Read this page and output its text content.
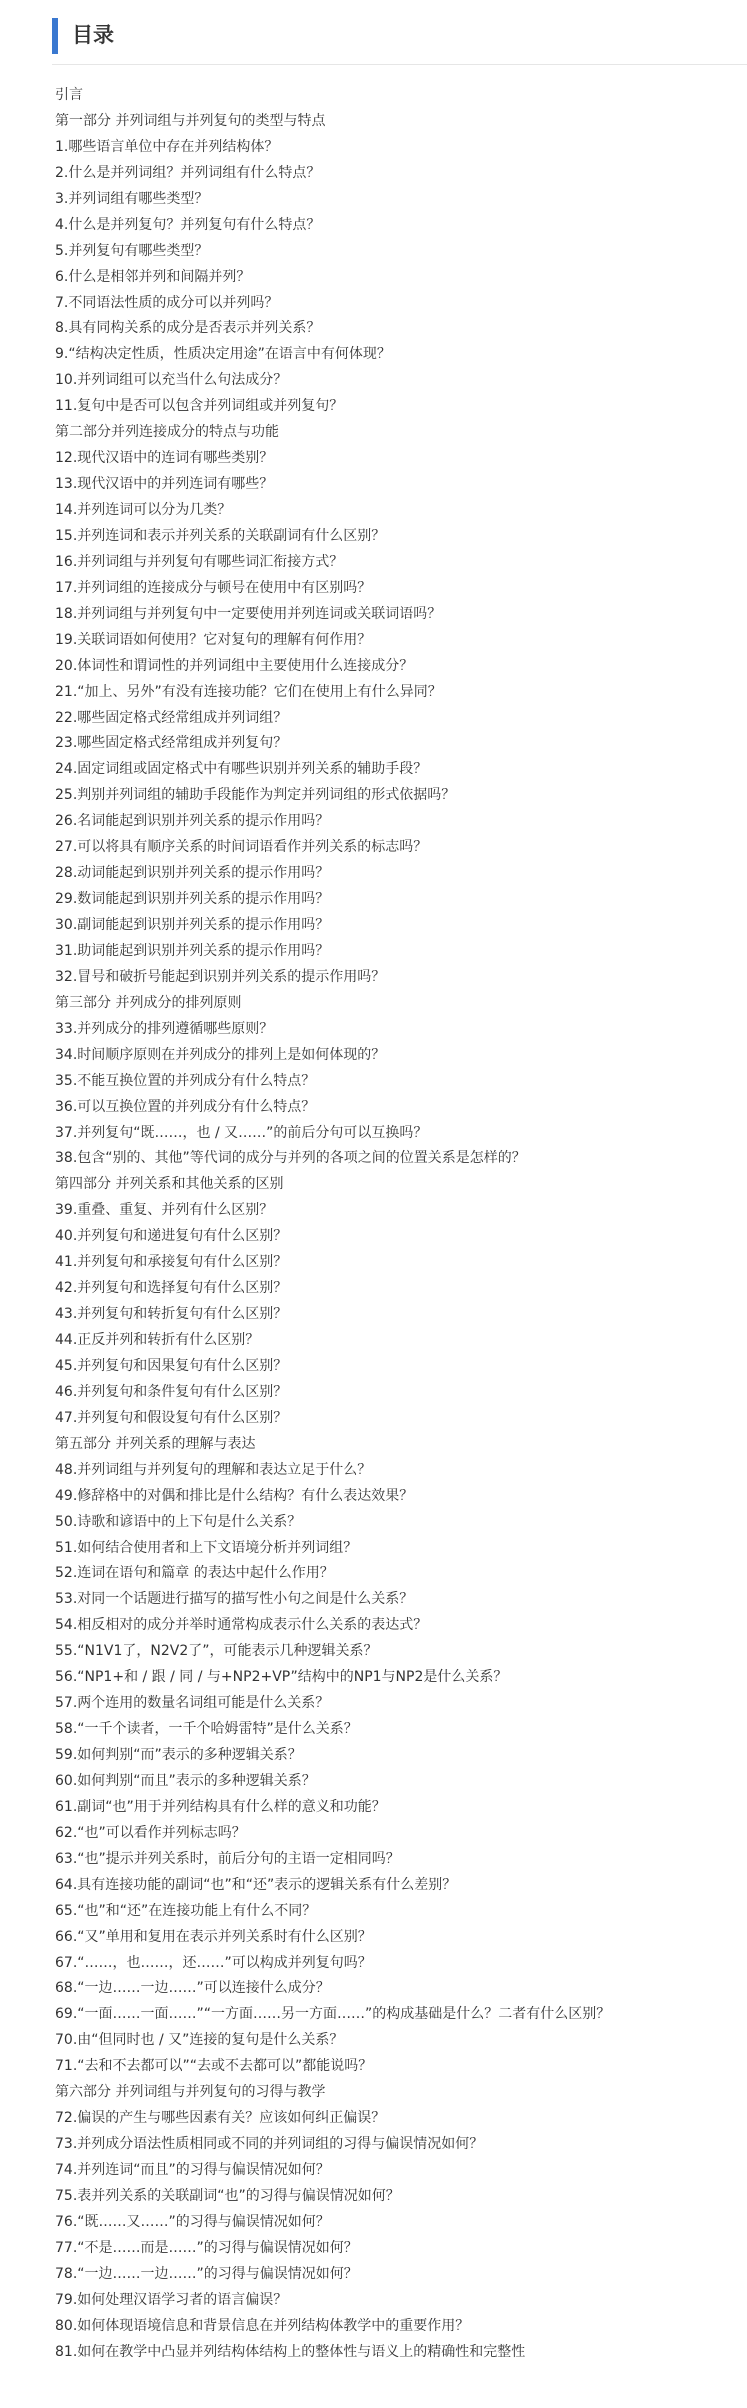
目录
引言
第一部分 并列词组与并列复句的类型与特点
1.哪些语言单位中存在并列结构体？
2.什么是并列词组？并列词组有什么特点？
3.并列词组有哪些类型？
4.什么是并列复句？并列复句有什么特点？
5.并列复句有哪些类型？
6.什么是相邻并列和间隔并列？
7.不同语法性质的成分可以并列吗？
8.具有同构关系的成分是否表示并列关系？
9.“结构决定性质，性质决定用途”在语言中有何体现？
10.并列词组可以充当什么句法成分？
11.复句中是否可以包含并列词组或并列复句？
第二部分并列连接成分的特点与功能
12.现代汉语中的连词有哪些类别？
13.现代汉语中的并列连词有哪些？
14.并列连词可以分为几类？
15.并列连词和表示并列关系的关联副词有什么区别？
16.并列词组与并列复句有哪些词汇衔接方式？
17.并列词组的连接成分与顿号在使用中有区别吗？
18.并列词组与并列复句中一定要使用并列连词或关联词语吗？
19.关联词语如何使用？它对复句的理解有何作用？
20.体词性和谓词性的并列词组中主要使用什么连接成分？
21.“加上、另外”有没有连接功能？它们在使用上有什么异同？
22.哪些固定格式经常组成并列词组？
23.哪些固定格式经常组成并列复句？
24.固定词组或固定格式中有哪些识别并列关系的辅助手段？
25.判别并列词组的辅助手段能作为判定并列词组的形式依据吗？
26.名词能起到识别并列关系的提示作用吗？
27.可以将具有顺序关系的时间词语看作并列关系的标志吗？
28.动词能起到识别并列关系的提示作用吗？
29.数词能起到识别并列关系的提示作用吗？
30.副词能起到识别并列关系的提示作用吗？
31.助词能起到识别并列关系的提示作用吗？
32.冒号和破折号能起到识别并列关系的提示作用吗？
第三部分 并列成分的排列原则
33.并列成分的排列遵循哪些原则？
34.时间顺序原则在并列成分的排列上是如何体现的？
35.不能互换位置的并列成分有什么特点？
36.可以互换位置的并列成分有什么特点？
37.并列复句“既……，也 / 又……”的前后分句可以互换吗？
38.包含“别的、其他”等代词的成分与并列的各项之间的位置关系是怎样的？
第四部分 并列关系和其他关系的区别
39.重叠、重复、并列有什么区别？
40.并列复句和递进复句有什么区别？
41.并列复句和承接复句有什么区别？
42.并列复句和选择复句有什么区别？
43.并列复句和转折复句有什么区别？
44.正反并列和转折有什么区别？
45.并列复句和因果复句有什么区别？
46.并列复句和条件复句有什么区别？
47.并列复句和假设复句有什么区别？
第五部分 并列关系的理解与表达
48.并列词组与并列复句的理解和表达立足于什么？
49.修辞格中的对偶和排比是什么结构？有什么表达效果？
50.诗歌和谚语中的上下句是什么关系？
51.如何结合使用者和上下文语境分析并列词组？
52.连词在语句和篇章 的表达中起什么作用？
53.对同一个话题进行描写的描写性小句之间是什么关系？
54.相反相对的成分并举时通常构成表示什么关系的表达式？
55.“N1V1了，N2V2了”，可能表示几种逻辑关系？
56.“NP1+和 / 跟 / 同 / 与+NP2+VP”结构中的NP1与NP2是什么关系？
57.两个连用的数量名词组可能是什么关系？
58.“一千个读者，一千个哈姆雷特”是什么关系？
59.如何判别“而”表示的多种逻辑关系？
60.如何判别“而且”表示的多种逻辑关系？
61.副词“也”用于并列结构具有什么样的意义和功能？
62.“也”可以看作并列标志吗？
63.“也”提示并列关系时，前后分句的主语一定相同吗？
64.具有连接功能的副词“也”和“还”表示的逻辑关系有什么差别？
65.“也”和“还”在连接功能上有什么不同？
66.“又”单用和复用在表示并列关系时有什么区别？
67.“……，也……，还……”可以构成并列复句吗？
68.“一边……一边……”可以连接什么成分？
69.“一面……一面……”“一方面……另一方面……”的构成基础是什么？二者有什么区别？
70.由“但同时也 / 又”连接的复句是什么关系？
71.“去和不去都可以”“去或不去都可以”都能说吗？
第六部分 并列词组与并列复句的习得与教学
72.偏误的产生与哪些因素有关？应该如何纠正偏误？
73.并列成分语法性质相同或不同的并列词组的习得与偏误情况如何？
74.并列连词“而且”的习得与偏误情况如何？
75.表并列关系的关联副词“也”的习得与偏误情况如何？
76.“既……又……”的习得与偏误情况如何？
77.“不是……而是……”的习得与偏误情况如何？
78.“一边……一边……”的习得与偏误情况如何？
79.如何处理汉语学习者的语言偏误？
80.如何体现语境信息和背景信息在并列结构体教学中的重要作用？
81.如何在教学中凸显并列结构体结构上的整体性与语义上的精确性和完整性
